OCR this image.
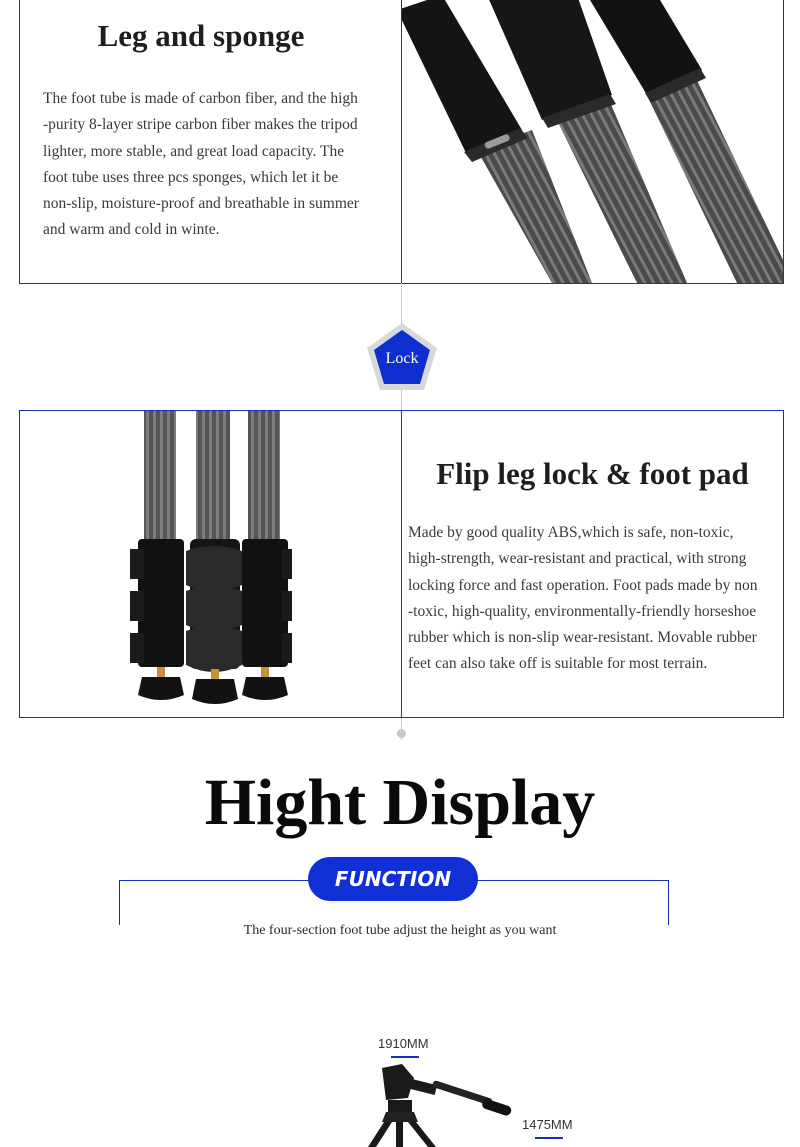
Leg and sponge
The foot tube is made of carbon fiber, and the high
-purity 8-layer stripe carbon fiber makes the tripod
lighter, more stable, and great load capacity. The
foot tube uses three pcs sponges, which let it be
non-slip, moisture-proof and breathable in summer
and warm and cold in winte.
Lock
Flip leg lock & foot pad
Made by good quality ABS,which is safe, non-toxic,
high-strength, wear-resistant and practical, with strong
locking force and fast operation. Foot pads made by non
-toxic, high-quality, environmentally-friendly horseshoe
rubber which is non-slip wear-resistant. Movable rubber
feet can also take off is suitable for most terrain.
Hight Display
FUNCTION
The four-section foot tube adjust the height as you want
1910MM
1475MM
